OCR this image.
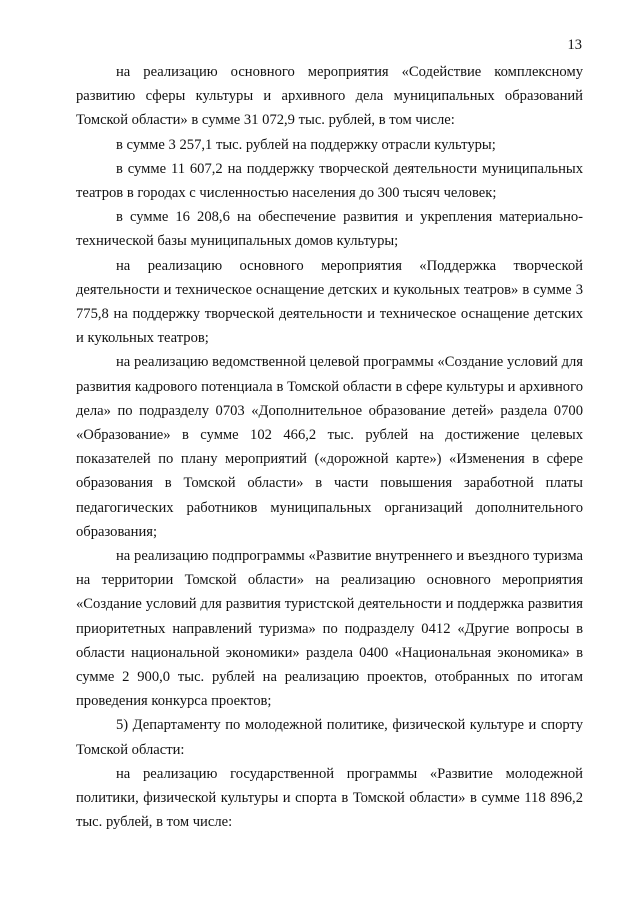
13

на реализацию основного мероприятия «Содействие комплексному развитию сферы культуры и архивного дела муниципальных образований Томской области» в сумме 31 072,9 тыс. рублей, в том числе:

в сумме 3 257,1 тыс. рублей на поддержку отрасли культуры;

в сумме 11 607,2 на поддержку творческой деятельности муниципальных театров в городах с численностью населения до 300 тысяч человек;

в сумме 16 208,6 на обеспечение развития и укрепления материально-технической базы муниципальных домов культуры;

на реализацию основного мероприятия «Поддержка творческой деятельности и техническое оснащение детских и кукольных театров» в сумме 3 775,8 на поддержку творческой деятельности и техническое оснащение детских и кукольных театров;

на реализацию ведомственной целевой программы «Создание условий для развития кадрового потенциала в Томской области в сфере культуры и архивного дела» по подразделу 0703 «Дополнительное образование детей» раздела 0700 «Образование» в сумме 102 466,2 тыс. рублей на достижение целевых показателей по плану мероприятий («дорожной карте») «Изменения в сфере образования в Томской области» в части повышения заработной платы педагогических работников муниципальных организаций дополнительного образования;

на реализацию подпрограммы «Развитие внутреннего и въездного туризма на территории Томской области» на реализацию основного мероприятия «Создание условий для развития туристской деятельности и поддержка развития приоритетных направлений туризма» по подразделу 0412 «Другие вопросы в области национальной экономики» раздела 0400 «Национальная экономика» в сумме 2 900,0 тыс. рублей на реализацию проектов, отобранных по итогам проведения конкурса проектов;

5) Департаменту по молодежной политике, физической культуре и спорту Томской области:

на реализацию государственной программы «Развитие молодежной политики, физической культуры и спорта в Томской области» в сумме 118 896,2 тыс. рублей, в том числе:
